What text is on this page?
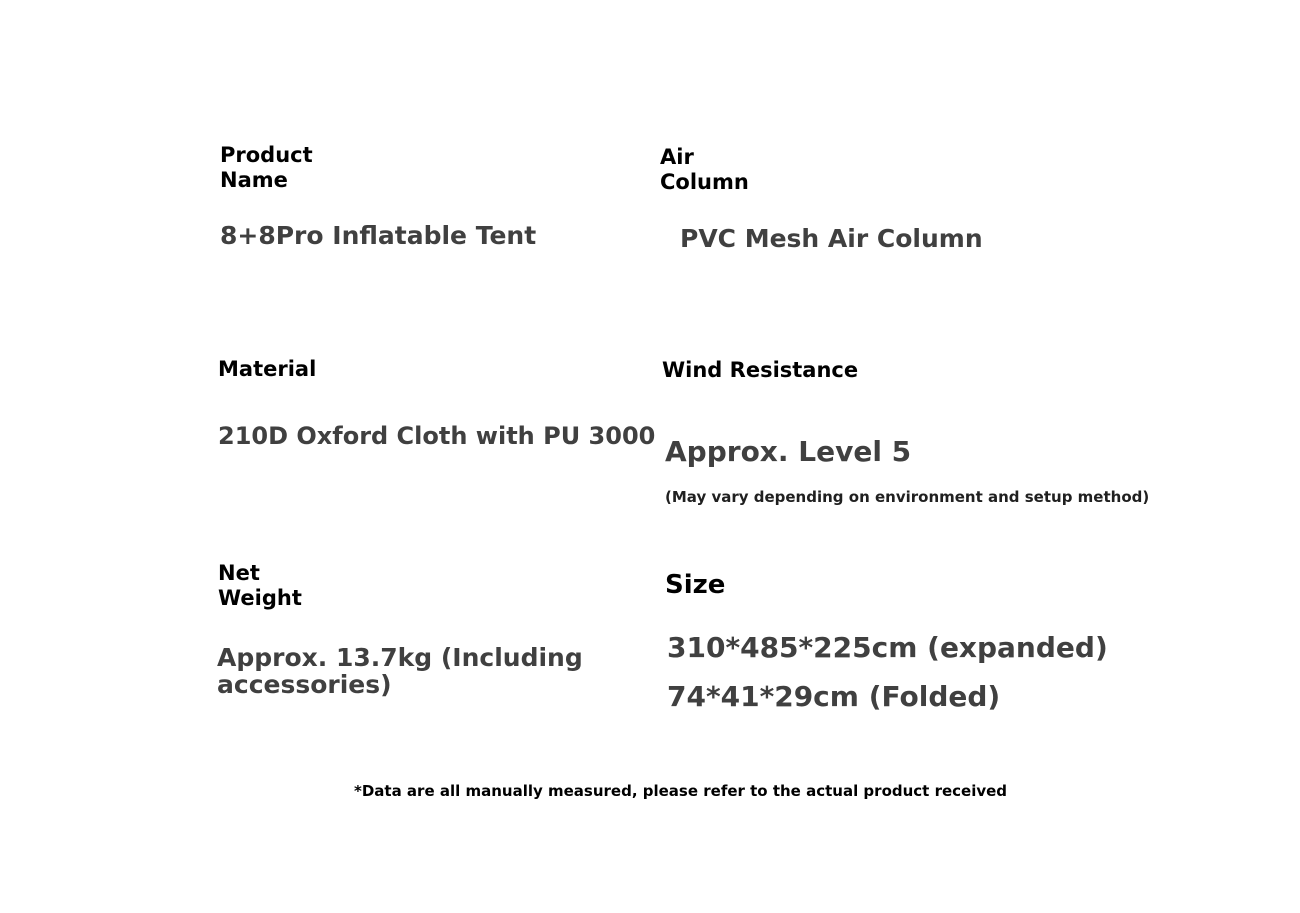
Product
Name
8+8Pro Inflatable Tent
Air
Column
PVC Mesh Air Column
Material
210D Oxford Cloth with PU 3000
Wind Resistance
Approx. Level 5
(May vary depending on environment and setup method)
Net
Weight
Approx. 13.7kg (Including
accessories)
Size
310*485*225cm (expanded)
74*41*29cm (Folded)
*Data are all manually measured, please refer to the actual product received
